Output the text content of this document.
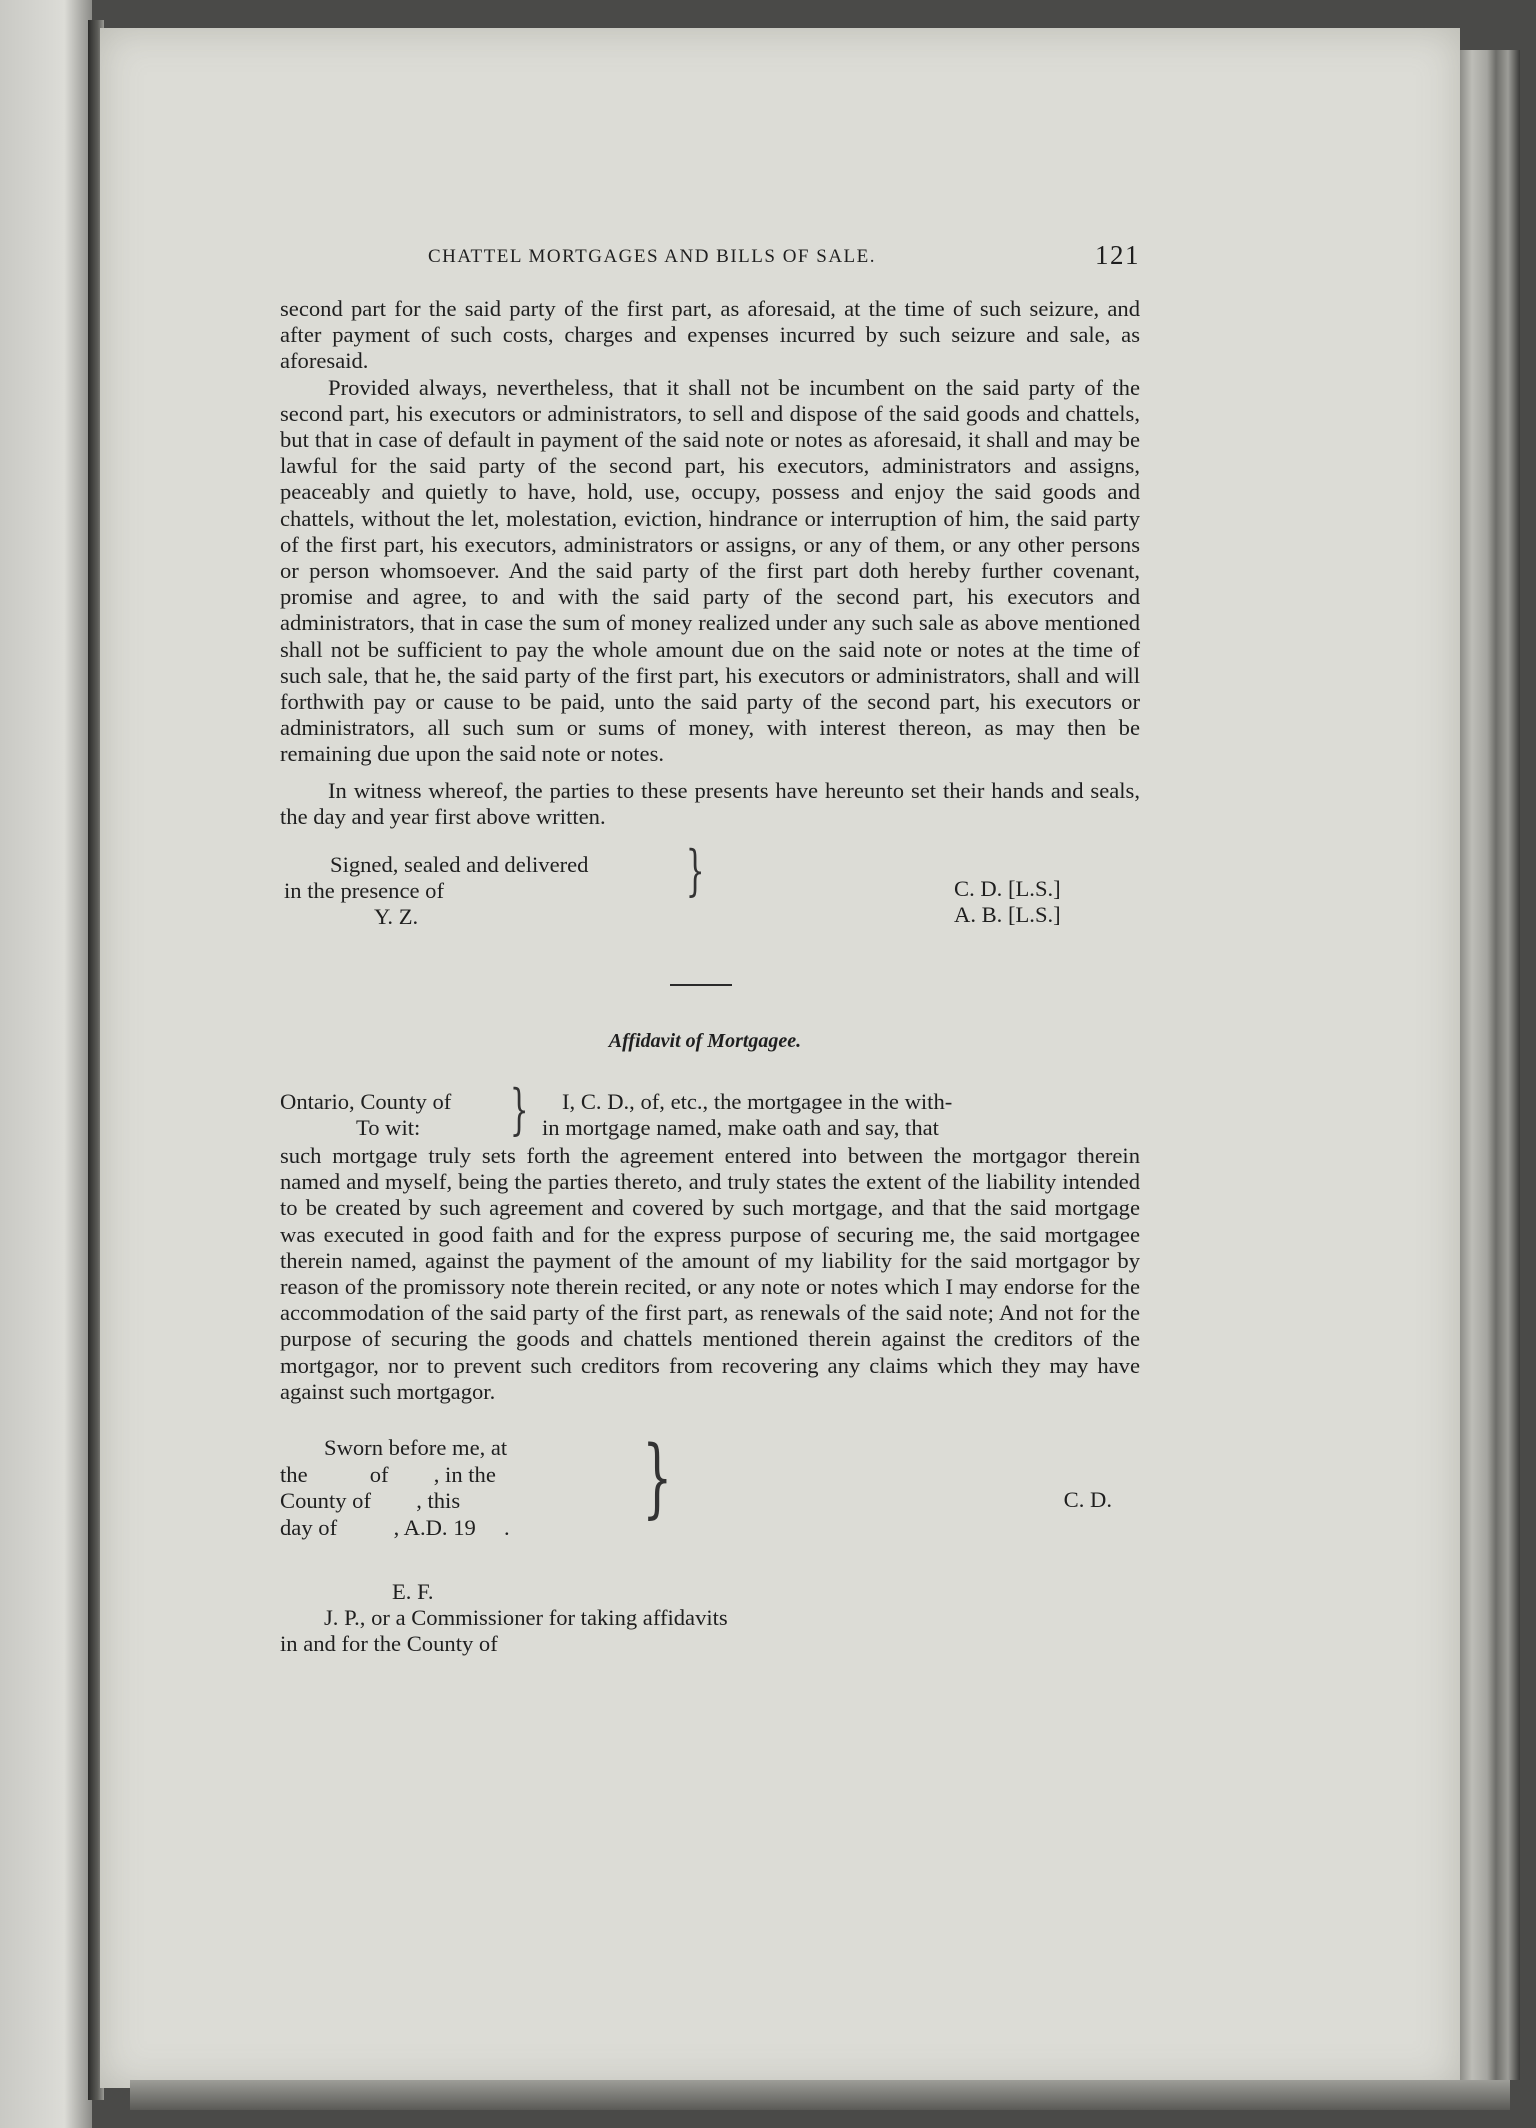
CHATTEL MORTGAGES AND BILLS OF SALE.	121

second part for the said party of the first part, as aforesaid, at the time of such seizure, and after payment of such costs, charges and expenses incurred by such seizure and sale, as aforesaid.

Provided always, nevertheless, that it shall not be incumbent on the said party of the second part, his executors or administrators, to sell and dispose of the said goods and chattels, but that in case of default in payment of the said note or notes as aforesaid, it shall and may be lawful for the said party of the second part, his executors, administrators and assigns, peaceably and quietly to have, hold, use, occupy, possess and enjoy the said goods and chattels, without the let, molestation, eviction, hindrance or interruption of him, the said party of the first part, his executors, administrators or assigns, or any of them, or any other persons or person whomsoever. And the said party of the first part doth hereby further covenant, promise and agree, to and with the said party of the second part, his executors and administrators, that in case the sum of money realized under any such sale as above mentioned shall not be sufficient to pay the whole amount due on the said note or notes at the time of such sale, that he, the said party of the first part, his executors or administrators, shall and will forthwith pay or cause to be paid, unto the said party of the second part, his executors or administrators, all such sum or sums of money, with interest thereon, as may then be remaining due upon the said note or notes.

In witness whereof, the parties to these presents have hereunto set their hands and seals, the day and year first above written.

Signed, sealed and delivered
in the presence of
Y. Z.
}	C. D. [L.S.]
A. B. [L.S.]
Affidavit of Mortgagee.
Ontario, County of
To wit:	}	I, C. D., of, etc., the mortgagee in the with-
in mortgage named, make oath and say, that

such mortgage truly sets forth the agreement entered into between the mortgagor therein named and myself, being the parties thereto, and truly states the extent of the liability intended to be created by such agreement and covered by such mortgage, and that the said mortgage was executed in good faith and for the express purpose of securing me, the said mortgagee therein named, against the payment of the amount of my liability for the said mortgagor by reason of the promissory note therein recited, or any note or notes which I may endorse for the accommodation of the said party of the first part, as renewals of the said note; And not for the purpose of securing the goods and chattels mentioned therein against the creditors of the mortgagor, nor to prevent such creditors from recovering any claims which they may have against such mortgagor.

Sworn before me, at
the           of        , in the
County of        , this
day of          , A.D. 19     .	}	C. D.
E. F.
J. P., or a Commissioner for taking affidavits
in and for the County of
